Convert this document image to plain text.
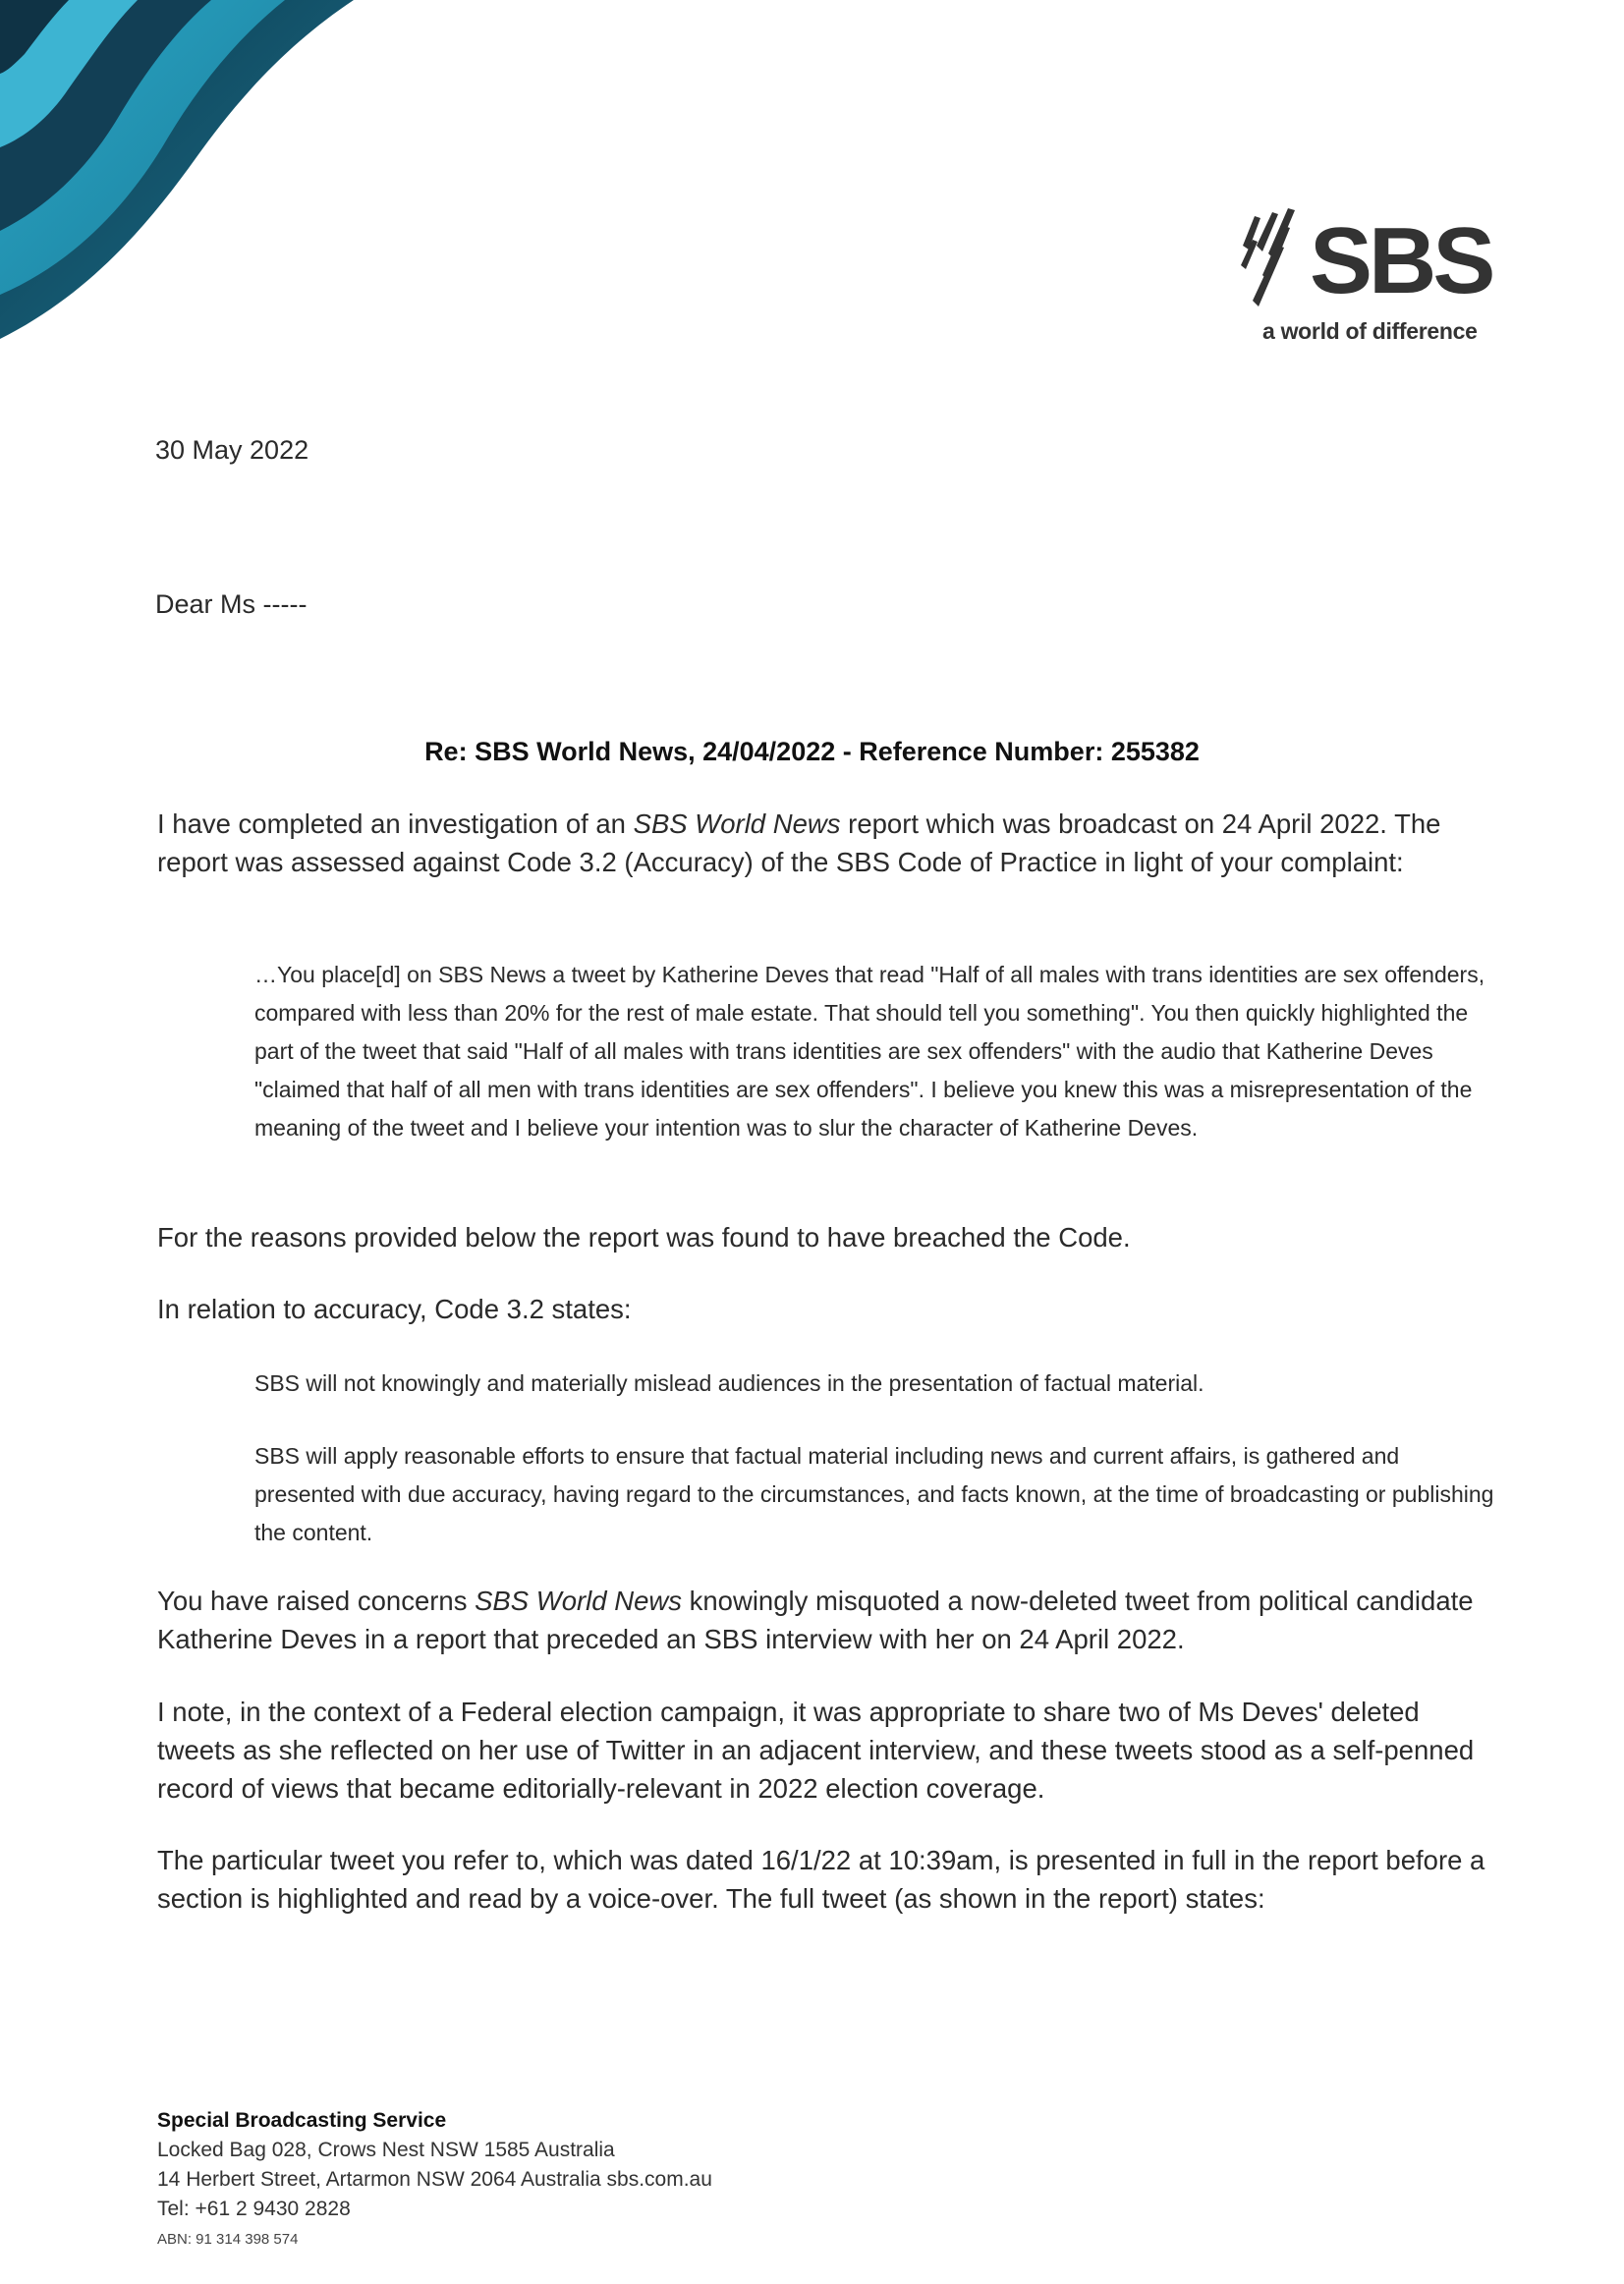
SBS
a world of difference
30 May 2022
Dear Ms -----
Re: SBS World News, 24/04/2022 - Reference Number: 255382
I have completed an investigation of an SBS World News report which was broadcast on 24 April 2022. The report was assessed against Code 3.2 (Accuracy) of the SBS Code of Practice in light of your complaint:
…You place[d] on SBS News a tweet by Katherine Deves that read "Half of all males with trans identities are sex offenders, compared with less than 20% for the rest of male estate. That should tell you something". You then quickly highlighted the part of the tweet that said "Half of all males with trans identities are sex offenders" with the audio that Katherine Deves "claimed that half of all men with trans identities are sex offenders". I believe you knew this was a misrepresentation of the meaning of the tweet and I believe your intention was to slur the character of Katherine Deves.
For the reasons provided below the report was found to have breached the Code.
In relation to accuracy, Code 3.2 states:
SBS will not knowingly and materially mislead audiences in the presentation of factual material.
SBS will apply reasonable efforts to ensure that factual material including news and current affairs, is gathered and presented with due accuracy, having regard to the circumstances, and facts known, at the time of broadcasting or publishing the content.
You have raised concerns SBS World News knowingly misquoted a now-deleted tweet from political candidate Katherine Deves in a report that preceded an SBS interview with her on 24 April 2022.
I note, in the context of a Federal election campaign, it was appropriate to share two of Ms Deves' deleted tweets as she reflected on her use of Twitter in an adjacent interview, and these tweets stood as a self-penned record of views that became editorially-relevant in 2022 election coverage.
The particular tweet you refer to, which was dated 16/1/22 at 10:39am, is presented in full in the report before a section is highlighted and read by a voice-over. The full tweet (as shown in the report) states:
Special Broadcasting Service
Locked Bag 028, Crows Nest NSW 1585 Australia
14 Herbert Street, Artarmon NSW 2064 Australia sbs.com.au
Tel: +61 2 9430 2828
ABN: 91 314 398 574
